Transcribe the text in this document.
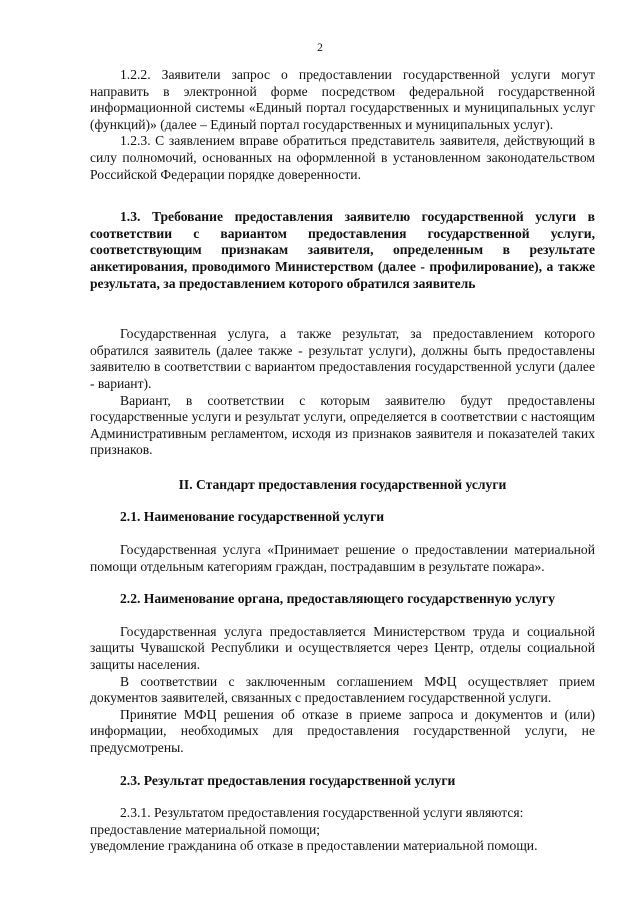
2

1.2.2. Заявители запрос о предоставлении государственной услуги могут направить в электронной форме посредством федеральной государственной информационной системы «Единый портал государственных и муниципальных услуг (функций)» (далее – Единый портал государственных и муниципальных услуг).

1.2.3. С заявлением вправе обратиться представитель заявителя, действующий в силу полномочий, основанных на оформленной в установленном законодательством Российской Федерации порядке доверенности.

1.3. Требование предоставления заявителю государственной услуги в соответствии с вариантом предоставления государственной услуги, соответствующим признакам заявителя, определенным в результате анкетирования, проводимого Министерством (далее - профилирование), а также результата, за предоставлением которого обратился заявитель

Государственная услуга, а также результат, за предоставлением которого обратился заявитель (далее также - результат услуги), должны быть предоставлены заявителю в соответствии с вариантом предоставления государственной услуги (далее - вариант).

Вариант, в соответствии с которым заявителю будут предоставлены государственные услуги и результат услуги, определяется в соответствии с настоящим Административным регламентом, исходя из признаков заявителя и показателей таких признаков.

II. Стандарт предоставления государственной услуги

2.1. Наименование государственной услуги

Государственная услуга «Принимает решение о предоставлении материальной помощи отдельным категориям граждан, пострадавшим в результате пожара».

2.2. Наименование органа, предоставляющего государственную услугу

Государственная услуга предоставляется Министерством труда и социальной защиты Чувашской Республики и осуществляется через Центр, отделы социальной защиты населения.

В соответствии с заключенным соглашением МФЦ осуществляет прием документов заявителей, связанных с предоставлением государственной услуги.

Принятие МФЦ решения об отказе в приеме запроса и документов и (или) информации, необходимых для предоставления государственной услуги, не предусмотрены.

2.3. Результат предоставления государственной услуги

2.3.1. Результатом предоставления государственной услуги являются:

предоставление материальной помощи;

уведомление гражданина об отказе в предоставлении материальной помощи.
